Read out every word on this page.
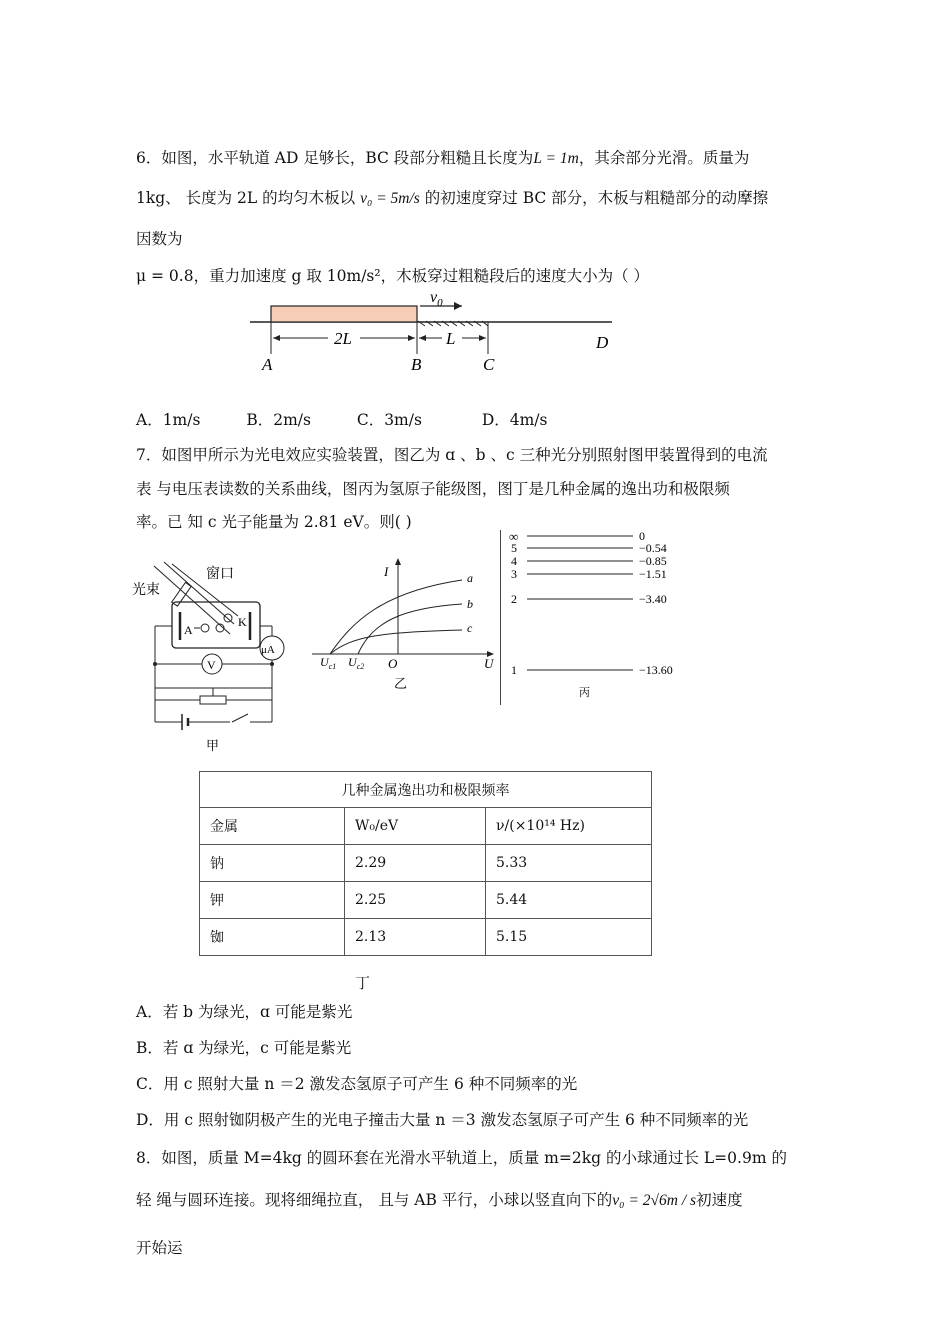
6．如图，水平轨道 AD 足够长，BC 段部分粗糙且长度为L = 1m，其余部分光滑。质量为
1kg、 长度为 2L 的均匀木板以 v₀ = 5m/s 的初速度穿过 BC 部分，木板与粗糙部分的动摩擦
因数为
μ = 0.8，重力加速度 g 取 10m/s²，木板穿过粗糙段后的速度大小为（ ）
$v_0$
2L	L
A	B	C
D
A．1m/s	B．2m/s	C．3m/s	D．4m/s
7．如图甲所示为光电效应实验装置，图乙为 ɑ 、b 、c 三种光分别照射图甲装置得到的电流
表 与电压表读数的关系曲线，图丙为氢原子能级图，图丁是几种金属的逸出功和极限频
率。已 知 c 光子能量为 2.81 eV。则( )
光束
窗口
A
K
μA
V
甲
I
U
O
$U_{c1}$ $U_{c2}$
a
b
c
乙
∞	0
5	−0.54
4	−0.85
3	−1.51
2	−3.40
1	−13.60
丙
几种金属逸出功和极限频率		
金属	W₀/eV	ν/(×10¹⁴ Hz)
钠	2.29	5.33
钾	2.25	5.44
铷	2.13	5.15
丁
A．若 b 为绿光，ɑ 可能是紫光
B．若 ɑ 为绿光，c 可能是紫光
C．用 c 照射大量 n ＝2 激发态氢原子可产生 6 种不同频率的光
D．用 c 照射铷阴极产生的光电子撞击大量 n ＝3 激发态氢原子可产生 6 种不同频率的光
8．如图，质量 M=4kg 的圆环套在光滑水平轨道上，质量 m=2kg 的小球通过长 L=0.9m 的
轻 绳与圆环连接。现将细绳拉直， 且与 AB 平行，小球以竖直向下的v₀ = 2√6m / s初速度
开始运
